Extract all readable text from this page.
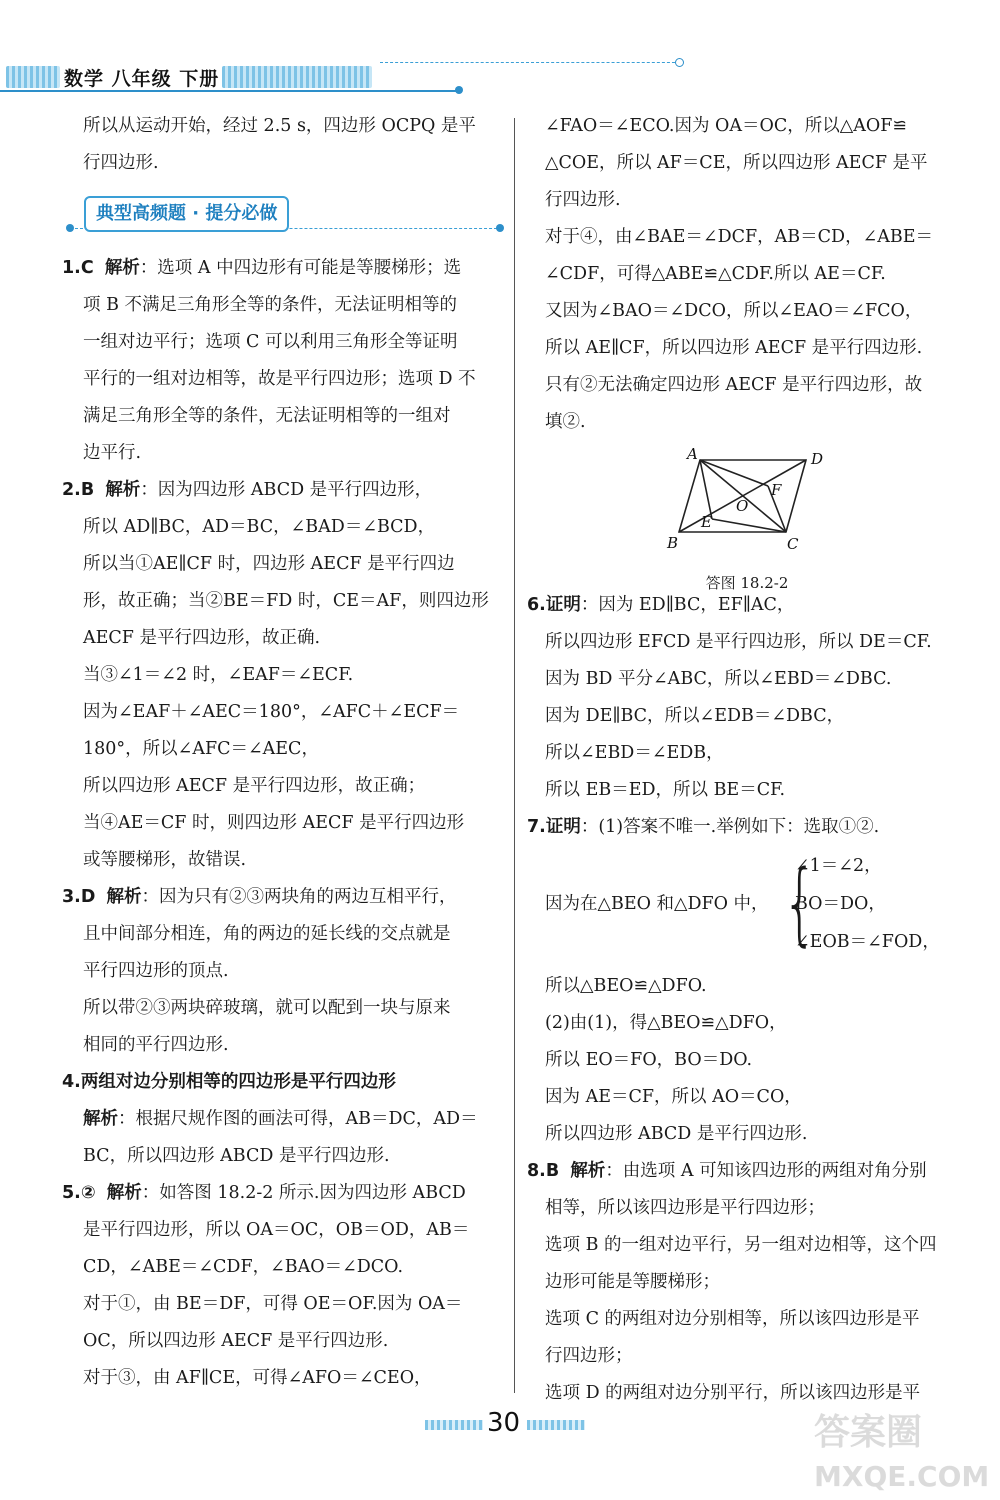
数学 八年级 下册

所以从运动开始，经过 2.5 s，四边形 OCPQ 是平

行四边形.

典型高频题 · 提分必做

1.C 解析：选项 A 中四边形有可能是等腰梯形；选

项 B 不满足三角形全等的条件，无法证明相等的

一组对边平行；选项 C 可以利用三角形全等证明

平行的一组对边相等，故是平行四边形；选项 D 不

满足三角形全等的条件，无法证明相等的一组对

边平行.

2.B 解析：因为四边形 ABCD 是平行四边形，

所以 AD∥BC，AD＝BC，∠BAD＝∠BCD，

所以当①AE∥CF 时，四边形 AECF 是平行四边

形，故正确；当②BE＝FD 时，CE＝AF，则四边形

AECF 是平行四边形，故正确.

当③∠1＝∠2 时，∠EAF＝∠ECF.

因为∠EAF＋∠AEC＝180°，∠AFC＋∠ECF＝

180°，所以∠AFC＝∠AEC，

所以四边形 AECF 是平行四边形，故正确；

当④AE＝CF 时，则四边形 AECF 是平行四边形

或等腰梯形，故错误.

3.D 解析：因为只有②③两块角的两边互相平行，

且中间部分相连，角的两边的延长线的交点就是

平行四边形的顶点.

所以带②③两块碎玻璃，就可以配到一块与原来

相同的平行四边形.

4.两组对边分别相等的四边形是平行四边形

解析：根据尺规作图的画法可得，AB＝DC，AD＝

BC，所以四边形 ABCD 是平行四边形.

5.② 解析：如答图 18.2-2 所示.因为四边形 ABCD

是平行四边形，所以 OA＝OC，OB＝OD，AB＝

CD，∠ABE＝∠CDF，∠BAO＝∠DCO.

对于①，由 BE＝DF，可得 OE＝OF.因为 OA＝

OC，所以四边形 AECF 是平行四边形.

对于③，由 AF∥CE，可得∠AFO＝∠CEO，

∠FAO＝∠ECO.因为 OA＝OC，所以△AOF≌

△COE，所以 AF＝CE，所以四边形 AECF 是平

行四边形.

对于④，由∠BAE＝∠DCF，AB＝CD，∠ABE＝

∠CDF，可得△ABE≌△CDF.所以 AE＝CF.

又因为∠BAO＝∠DCO，所以∠EAO＝∠FCO，

所以 AE∥CF，所以四边形 AECF 是平行四边形.

只有②无法确定四边形 AECF 是平行四边形，故

填②.

A	D
B	C
E
F
O
答图 18.2-2

6.证明：因为 ED∥BC，EF∥AC，

所以四边形 EFCD 是平行四边形，所以 DE＝CF.

因为 BD 平分∠ABC，所以∠EBD＝∠DBC.

因为 DE∥BC，所以∠EDB＝∠DBC，

所以∠EBD＝∠EDB，

所以 EB＝ED，所以 BE＝CF.

7.证明：(1)答案不唯一.举例如下：选取①②.

因为在△BEO 和△DFO 中， {
∠1＝∠2，
BO＝DO，
∠EOB＝∠FOD，

所以△BEO≌△DFO.

(2)由(1)，得△BEO≌△DFO，

所以 EO＝FO，BO＝DO.

因为 AE＝CF，所以 AO＝CO，

所以四边形 ABCD 是平行四边形.

8.B 解析：由选项 A 可知该四边形的两组对角分别

相等，所以该四边形是平行四边形；

选项 B 的一组对边平行，另一组对边相等，这个四

边形可能是等腰梯形；

选项 C 的两组对边分别相等，所以该四边形是平

行四边形；

选项 D 的两组对边分别平行，所以该四边形是平

30	答案圈
MXQE.COM
